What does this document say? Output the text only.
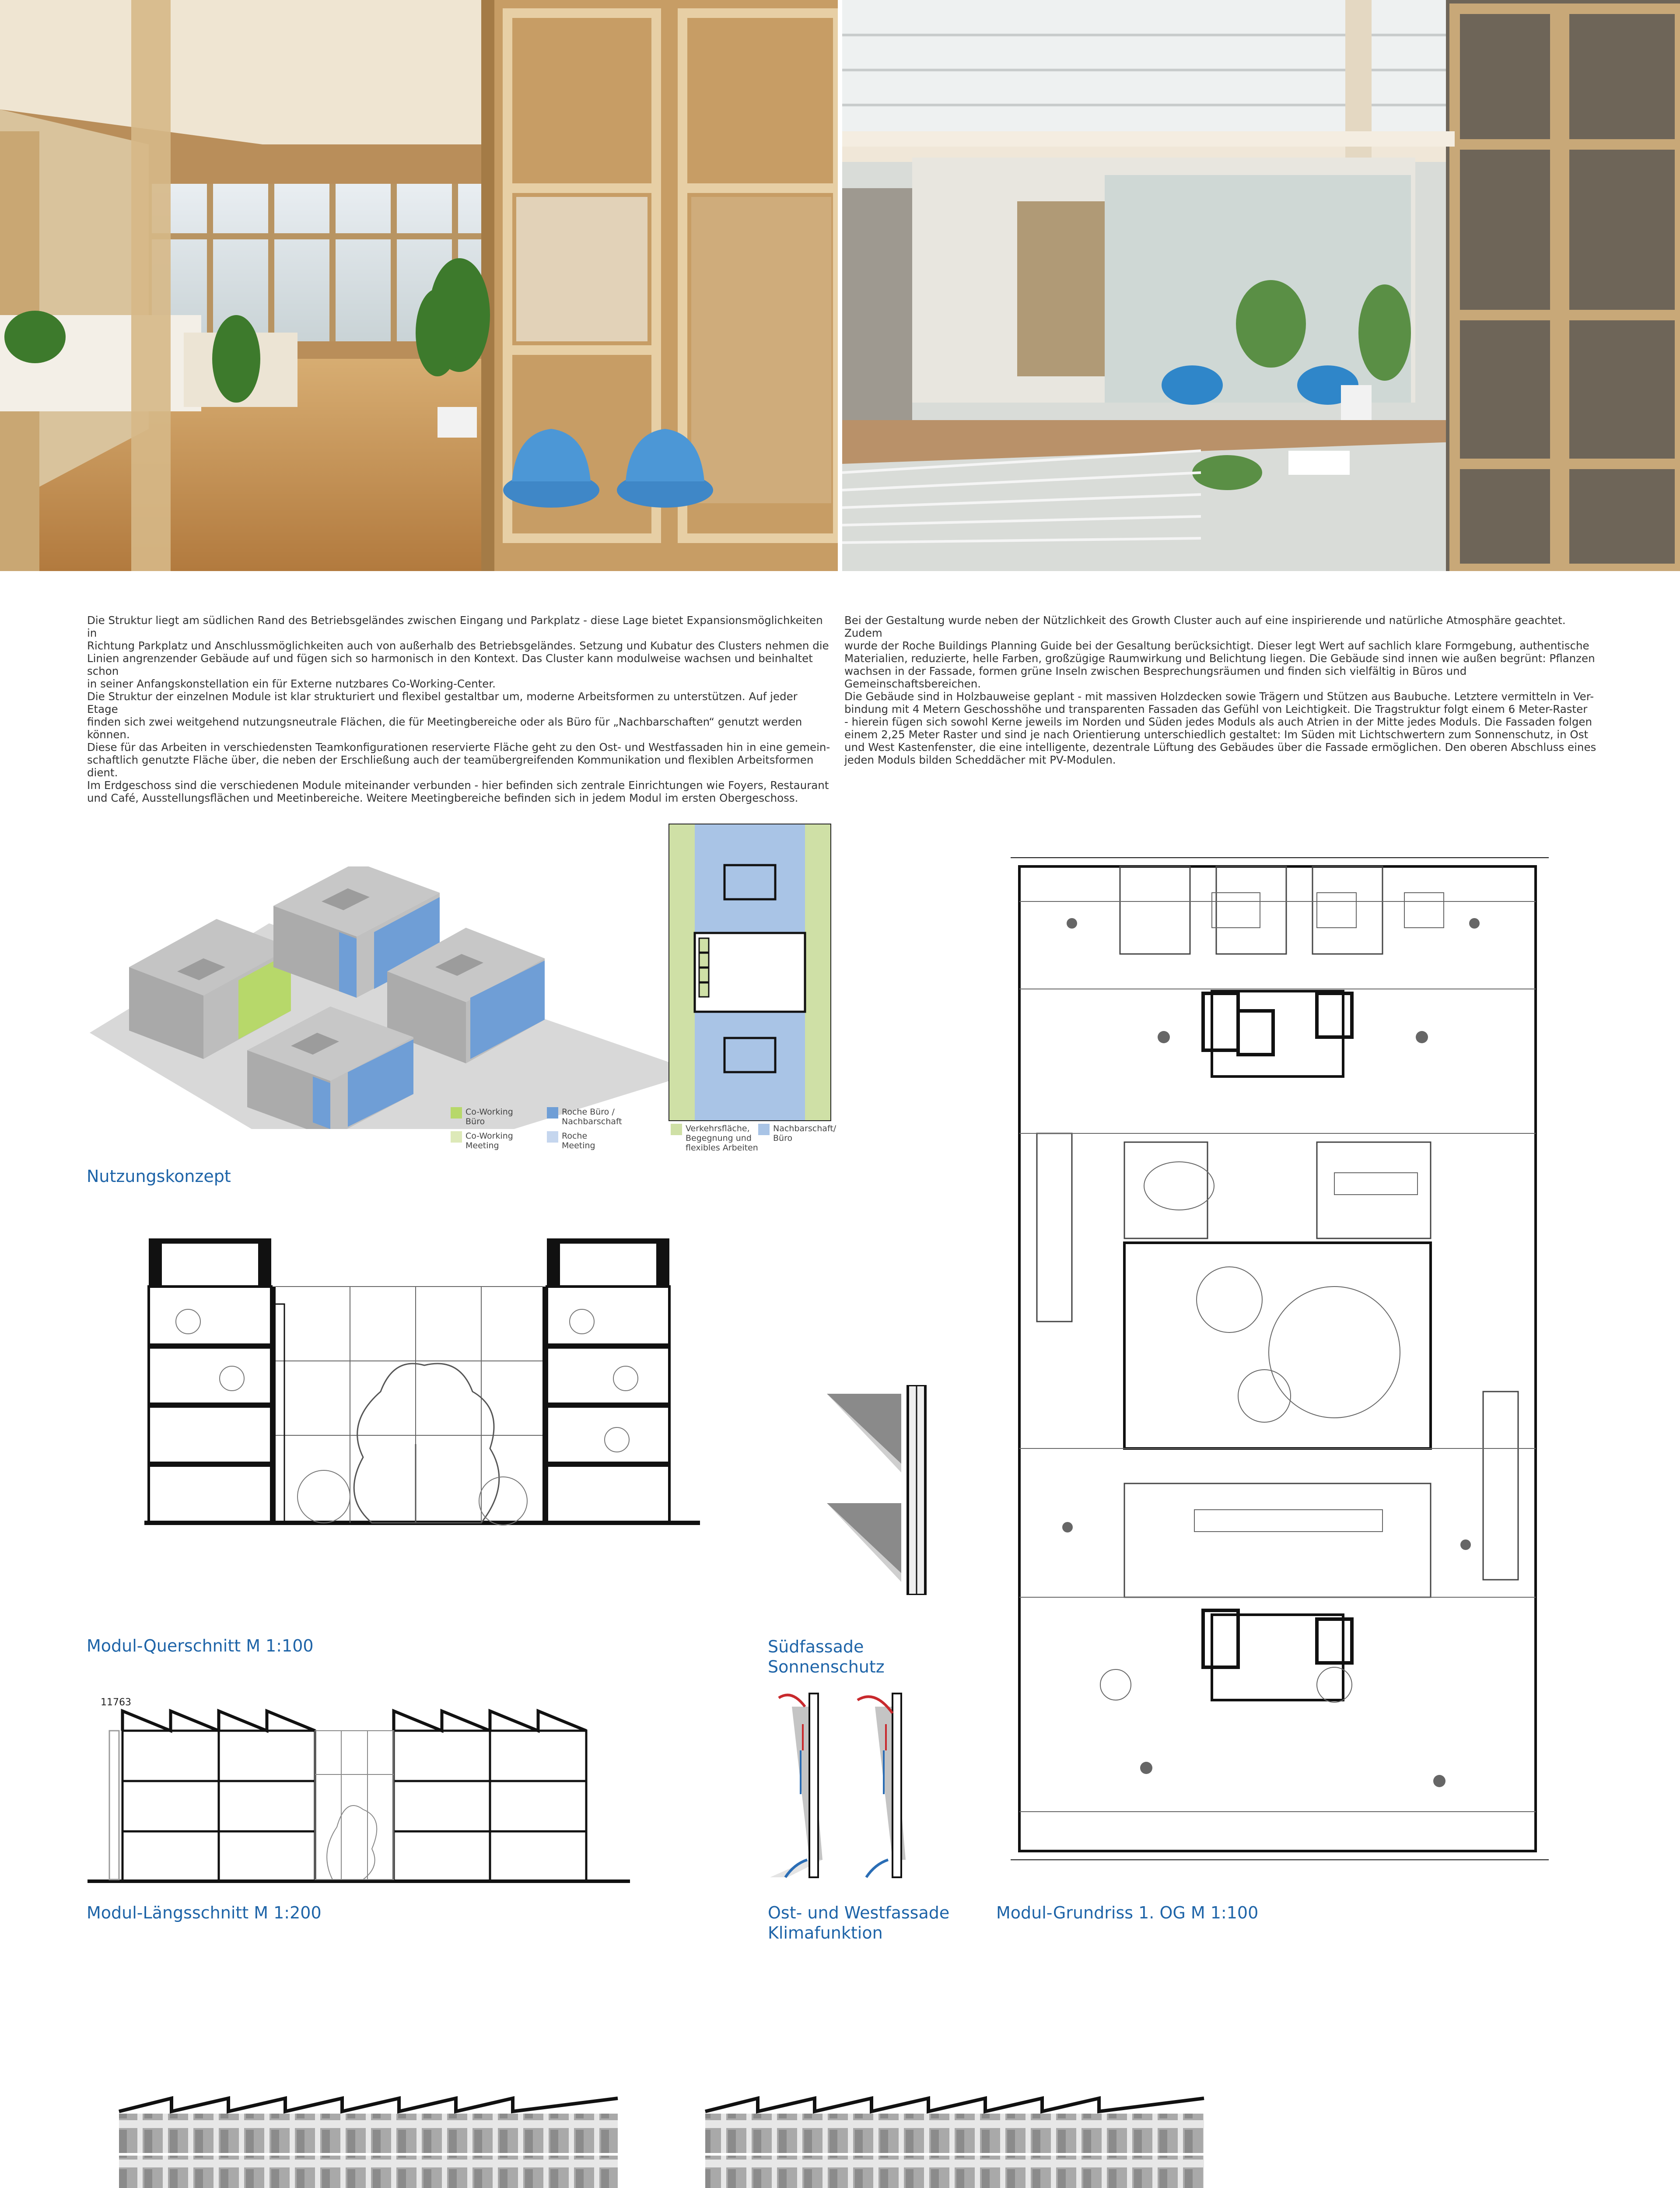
Die Struktur liegt am südlichen Rand des Betriebsgeländes zwischen Eingang und Parkplatz - diese Lage bietet Expansionsmöglichkeiten in

Richtung Parkplatz und Anschlussmöglichkeiten auch von außerhalb des Betriebsgeländes. Setzung und Kubatur des Clusters nehmen die

Linien angrenzender Gebäude auf und fügen sich so harmonisch in den Kontext. Das Cluster kann modulweise wachsen und beinhaltet schon

in seiner Anfangskonstellation ein für Externe nutzbares Co-Working-Center.

Die Struktur der einzelnen Module ist klar strukturiert und flexibel gestaltbar um, moderne Arbeitsformen zu unterstützen. Auf jeder Etage

finden sich zwei weitgehend nutzungsneutrale Flächen, die für Meetingbereiche oder als Büro für „Nachbarschaften“ genutzt werden können.

Diese für das Arbeiten in verschiedensten Teamkonfigurationen reservierte Fläche geht zu den Ost- und Westfassaden hin in eine gemein-

schaftlich genutzte Fläche über, die neben der Erschließung auch der teamübergreifenden Kommunikation und flexiblen Arbeitsformen dient.

Im Erdgeschoss sind die verschiedenen Module miteinander verbunden - hier befinden sich zentrale Einrichtungen wie Foyers, Restaurant

und Café, Ausstellungsflächen und Meetinbereiche. Weitere Meetingbereiche befinden sich in jedem Modul im ersten Obergeschoss.

Bei der Gestaltung wurde neben der Nützlichkeit des Growth Cluster auch auf eine inspirierende und natürliche Atmosphäre geachtet. Zudem

wurde der Roche Buildings Planning Guide bei der Gesaltung berücksichtigt. Dieser legt Wert auf sachlich klare Formgebung, authentische

Materialien, reduzierte, helle Farben, großzügige Raumwirkung und Belichtung liegen. Die Gebäude sind innen wie außen begrünt: Pflanzen

wachsen in der Fassade, formen grüne Inseln zwischen Besprechungsräumen und finden sich vielfältig in Büros und Gemeinschaftsbereichen.

Die Gebäude sind in Holzbauweise geplant - mit massiven Holzdecken sowie Trägern und Stützen aus Baubuche. Letztere vermitteln in Ver-

bindung mit 4 Metern Geschosshöhe und transparenten Fassaden das Gefühl von Leichtigkeit. Die Tragstruktur folgt einem 6 Meter-Raster

- hierein fügen sich sowohl Kerne jeweils im Norden und Süden jedes Moduls als auch Atrien in der Mitte jedes Moduls. Die Fassaden folgen

einem 2,25 Meter Raster und sind je nach Orientierung unterschiedlich gestaltet: Im Süden mit Lichtschwertern zum Sonnenschutz, in Ost

und West Kastenfenster, die eine intelligente, dezentrale Lüftung des Gebäudes über die Fassade ermöglichen. Den oberen Abschluss eines

jeden Moduls bilden Scheddächer mit PV-Modulen.

Co-Working Büro
Co-Working Meeting
Roche Büro / Nachbarschaft
Roche Meeting
Nutzungskonzept
Verkehrsfläche, Begegnung und flexibles Arbeiten
Nachbarschaft/ Büro
Modul-Querschnitt M 1:100
11763
Modul-Längsschnitt M 1:200
Südfassade
Sonnenschutz
Ost- und Westfassade
Klimafunktion
Modul-Grundriss 1. OG M 1:100
